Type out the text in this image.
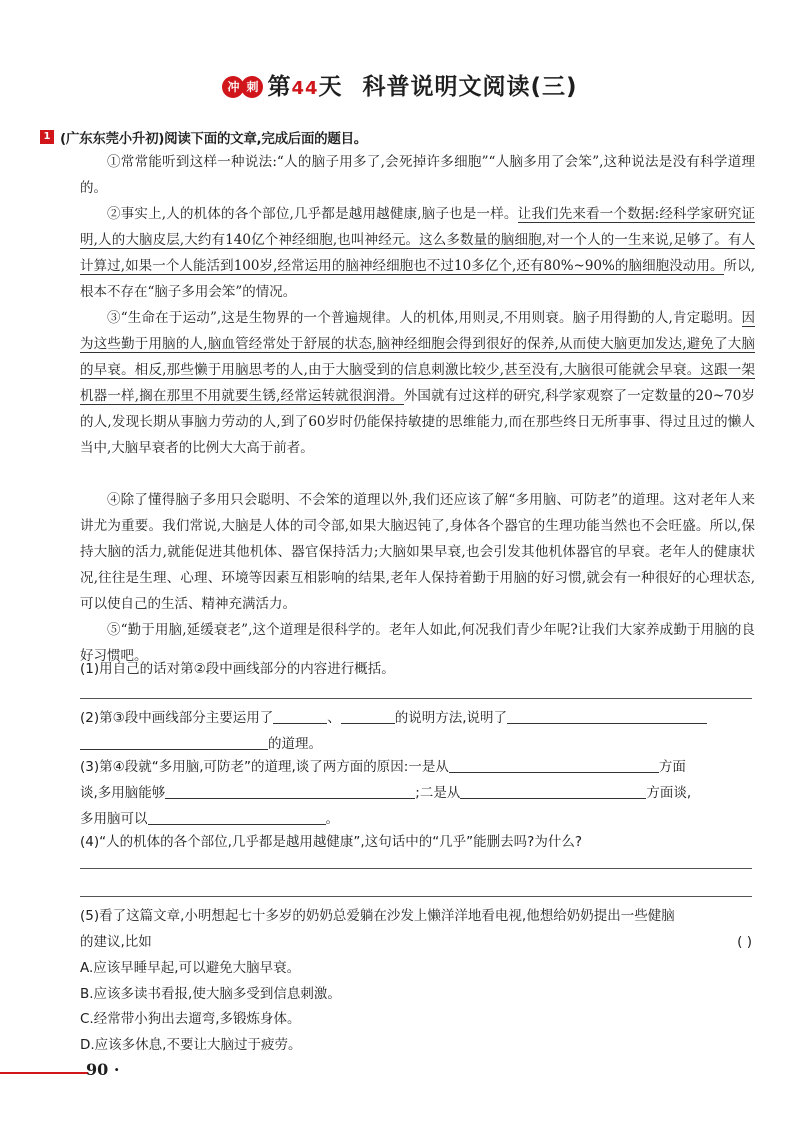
冲 刺 第44天 科普说明文阅读(三)
1 (广东东莞小升初)阅读下面的文章,完成后面的题目。

①常常能听到这样一种说法:“人的脑子用多了,会死掉许多细胞”“人脑多用了会笨”,这种说法是没有科学道理的。

②事实上,人的机体的各个部位,几乎都是越用越健康,脑子也是一样。让我们先来看一个数据:经科学家研究证明,人的大脑皮层,大约有140亿个神经细胞,也叫神经元。这么多数量的脑细胞,对一个人的一生来说,足够了。有人计算过,如果一个人能活到100岁,经常运用的脑神经细胞也不过10多亿个,还有80%~90%的脑细胞没动用。所以,根本不存在“脑子多用会笨”的情况。

③“生命在于运动”,这是生物界的一个普遍规律。人的机体,用则灵,不用则衰。脑子用得勤的人,肯定聪明。因为这些勤于用脑的人,脑血管经常处于舒展的状态,脑神经细胞会得到很好的保养,从而使大脑更加发达,避免了大脑的早衰。相反,那些懒于用脑思考的人,由于大脑受到的信息刺激比较少,甚至没有,大脑很可能就会早衰。这跟一架机器一样,搁在那里不用就要生锈,经常运转就很润滑。外国就有过这样的研究,科学家观察了一定数量的20~70岁的人,发现长期从事脑力劳动的人,到了60岁时仍能保持敏捷的思维能力,而在那些终日无所事事、得过且过的懒人当中,大脑早衰者的比例大大高于前者。

④除了懂得脑子多用只会聪明、不会笨的道理以外,我们还应该了解“多用脑、可防老”的道理。这对老年人来讲尤为重要。我们常说,大脑是人体的司令部,如果大脑迟钝了,身体各个器官的生理功能当然也不会旺盛。所以,保持大脑的活力,就能促进其他机体、器官保持活力;大脑如果早衰,也会引发其他机体器官的早衰。老年人的健康状况,往往是生理、心理、环境等因素互相影响的结果,老年人保持着勤于用脑的好习惯,就会有一种很好的心理状态,可以使自己的生活、精神充满活力。

⑤“勤于用脑,延缓衰老”,这个道理是很科学的。老年人如此,何况我们青少年呢?让我们大家养成勤于用脑的良好习惯吧。

(1)用自己的话对第②段中画线部分的内容进行概括。
(2)第③段中画线部分主要运用了	、	的说明方法,说明了
的道理。
(3)第④段就“多用脑,可防老”的道理,谈了两方面的原因:一是从	方面
谈,多用脑能够	;二是从	方面谈,
多用脑可以	。
(4)“人的机体的各个部位,几乎都是越用越健康”,这句话中的“几乎”能删去吗?为什么?
(5)看了这篇文章,小明想起七十多岁的奶奶总爱躺在沙发上懒洋洋地看电视,他想给奶奶提出一些健脑
的建议,比如	( )
A.应该早睡早起,可以避免大脑早衰。
B.应该多读书看报,使大脑多受到信息刺激。
C.经常带小狗出去遛弯,多锻炼身体。
D.应该多休息,不要让大脑过于疲劳。
90 ·
